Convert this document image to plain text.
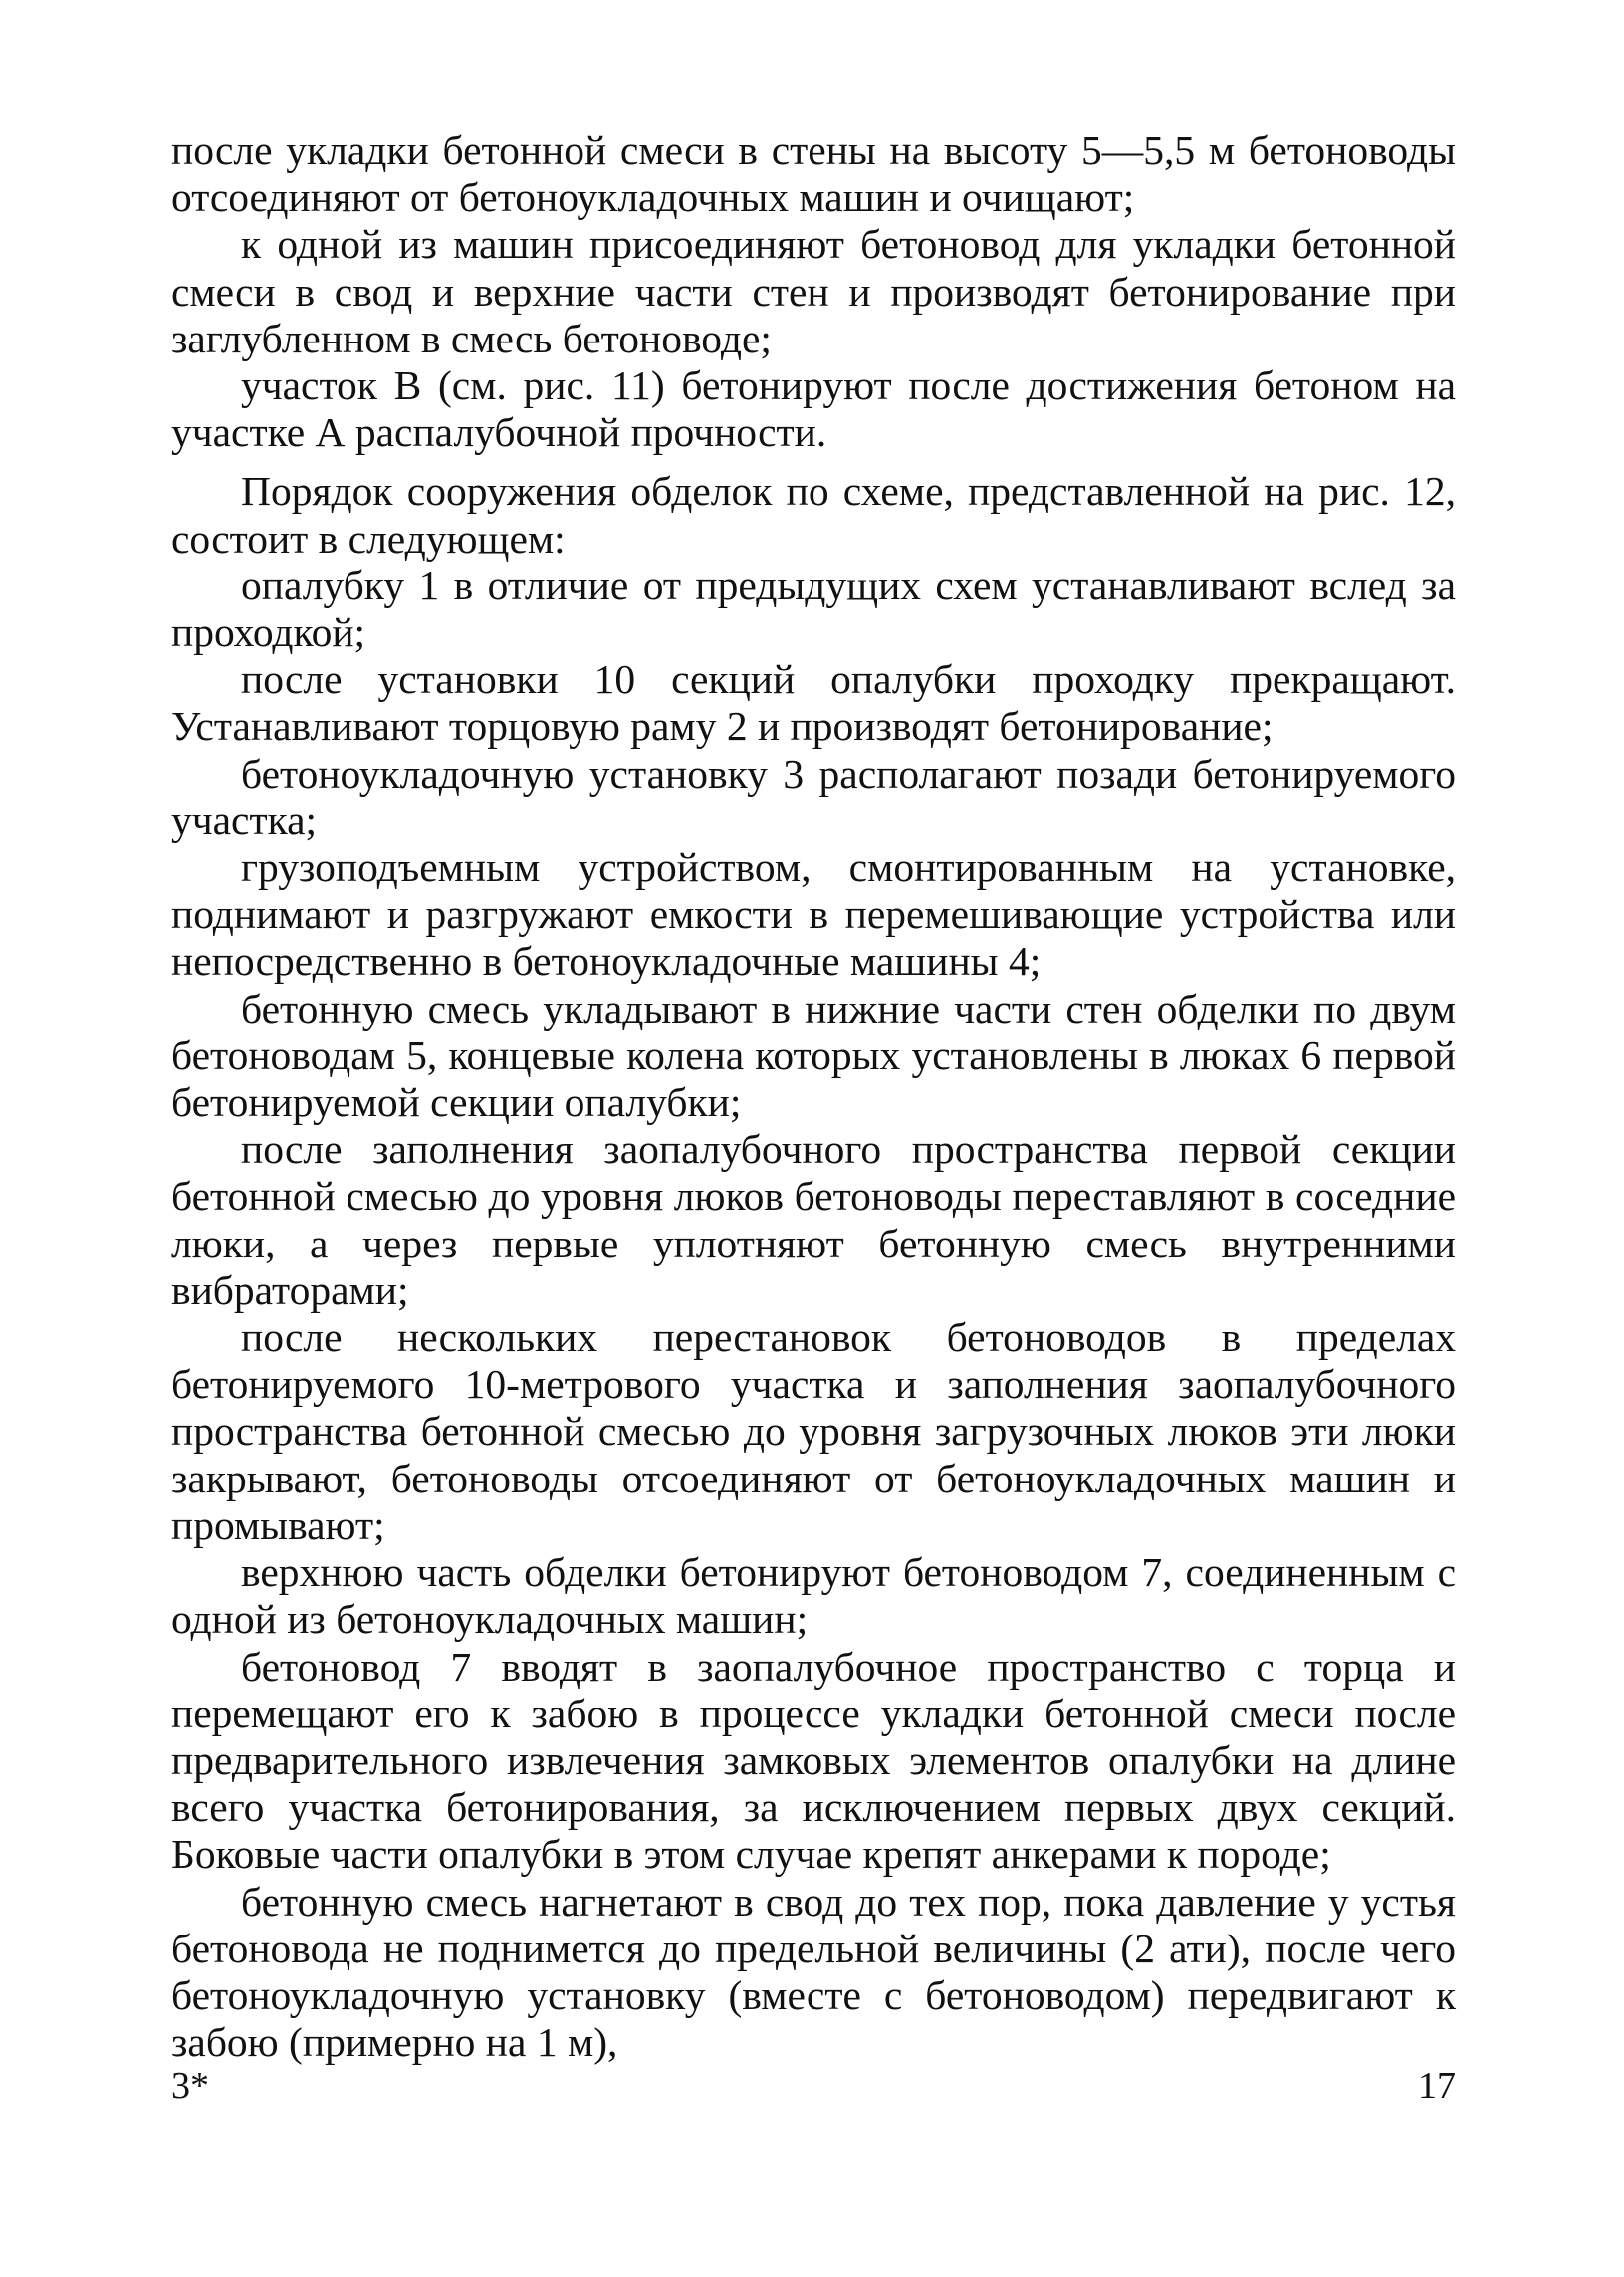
после укладки бетонной смеси в стены на высоту 5—5,5 м бетоноводы отсоединяют от бетоноукладочных машин и очищают;

к одной из машин присоединяют бетоновод для укладки бетонной смеси в свод и верхние части стен и производят бетонирование при заглубленном в смесь бетоноводе;

участок В (см. рис. 11) бетонируют после достижения бетоном на участке А распалубочной прочности.

Порядок сооружения обделок по схеме, представленной на рис. 12, состоит в следующем:

опалубку 1 в отличие от предыдущих схем устанавливают вслед за проходкой;

после установки 10 секций опалубки проходку прекращают. Устанавливают торцовую раму 2 и производят бетонирование;

бетоноукладочную установку 3 располагают позади бетонируемого участка;

грузоподъемным устройством, смонтированным на установке, поднимают и разгружают емкости в перемешивающие устройства или непосредственно в бетоноукладочные машины 4;

бетонную смесь укладывают в нижние части стен обделки по двум бетоноводам 5, концевые колена которых установлены в люках 6 первой бетонируемой секции опалубки;

после заполнения заопалубочного пространства первой секции бетонной смесью до уровня люков бетоноводы переставляют в соседние люки, а через первые уплотняют бетонную смесь внутренними вибраторами;

после нескольких перестановок бетоноводов в пределах бетонируемого 10-метрового участка и заполнения заопалубочного пространства бетонной смесью до уровня загрузочных люков эти люки закрывают, бетоноводы отсоединяют от бетоноукладочных машин и промывают;

верхнюю часть обделки бетонируют бетоноводом 7, соединенным с одной из бетоноукладочных машин;

бетоновод 7 вводят в заопалубочное пространство с торца и перемещают его к забою в процессе укладки бетонной смеси после предварительного извлечения замковых элементов опалубки на длине всего участка бетонирования, за исключением первых двух секций. Боковые части опалубки в этом случае крепят анкерами к породе;

бетонную смесь нагнетают в свод до тех пор, пока давление у устья бетоновода не поднимется до предельной величины (2 ати), после чего бетоноукладочную установку (вместе с бетоноводом) передвигают к забою (примерно на 1 м),

3*	17
